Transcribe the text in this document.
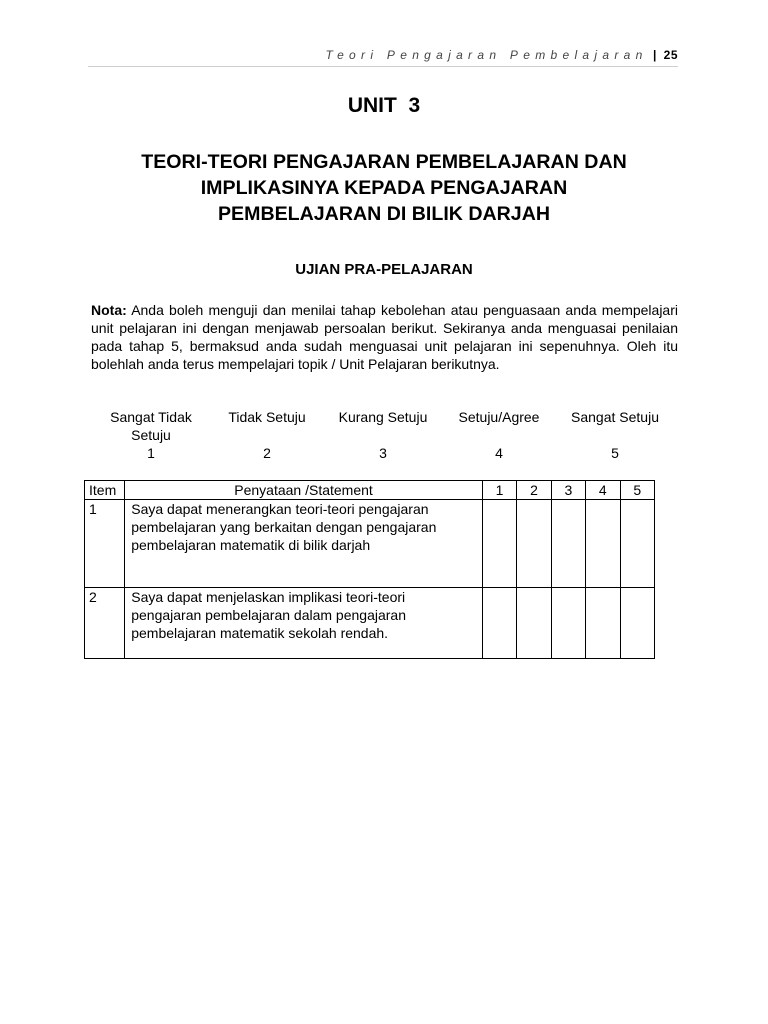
Teori Pengajaran Pembelajaran | 25
UNIT  3
TEORI-TEORI PENGAJARAN PEMBELAJARAN DAN
IMPLIKASINYA KEPADA PENGAJARAN
PEMBELAJARAN DI BILIK DARJAH
UJIAN PRA-PELAJARAN
Nota: Anda boleh menguji dan menilai tahap kebolehan atau penguasaan anda mempelajari unit pelajaran ini dengan menjawab persoalan berikut. Sekiranya anda menguasai penilaian pada tahap 5, bermaksud anda sudah menguasai unit pelajaran ini sepenuhnya. Oleh itu bolehlah anda terus mempelajari topik / Unit Pelajaran berikutnya.
Sangat Tidak
Setuju
1
Tidak Setuju
2
Kurang Setuju
3
Setuju/Agree
4
Sangat Setuju
5
Item	Penyataan /Statement	1	2	3	4	5
1	Saya dapat menerangkan teori-teori pengajaran pembelajaran yang berkaitan dengan pengajaran pembelajaran matematik di bilik darjah					
2	Saya dapat menjelaskan implikasi teori-teori pengajaran pembelajaran dalam pengajaran pembelajaran matematik sekolah rendah.					
